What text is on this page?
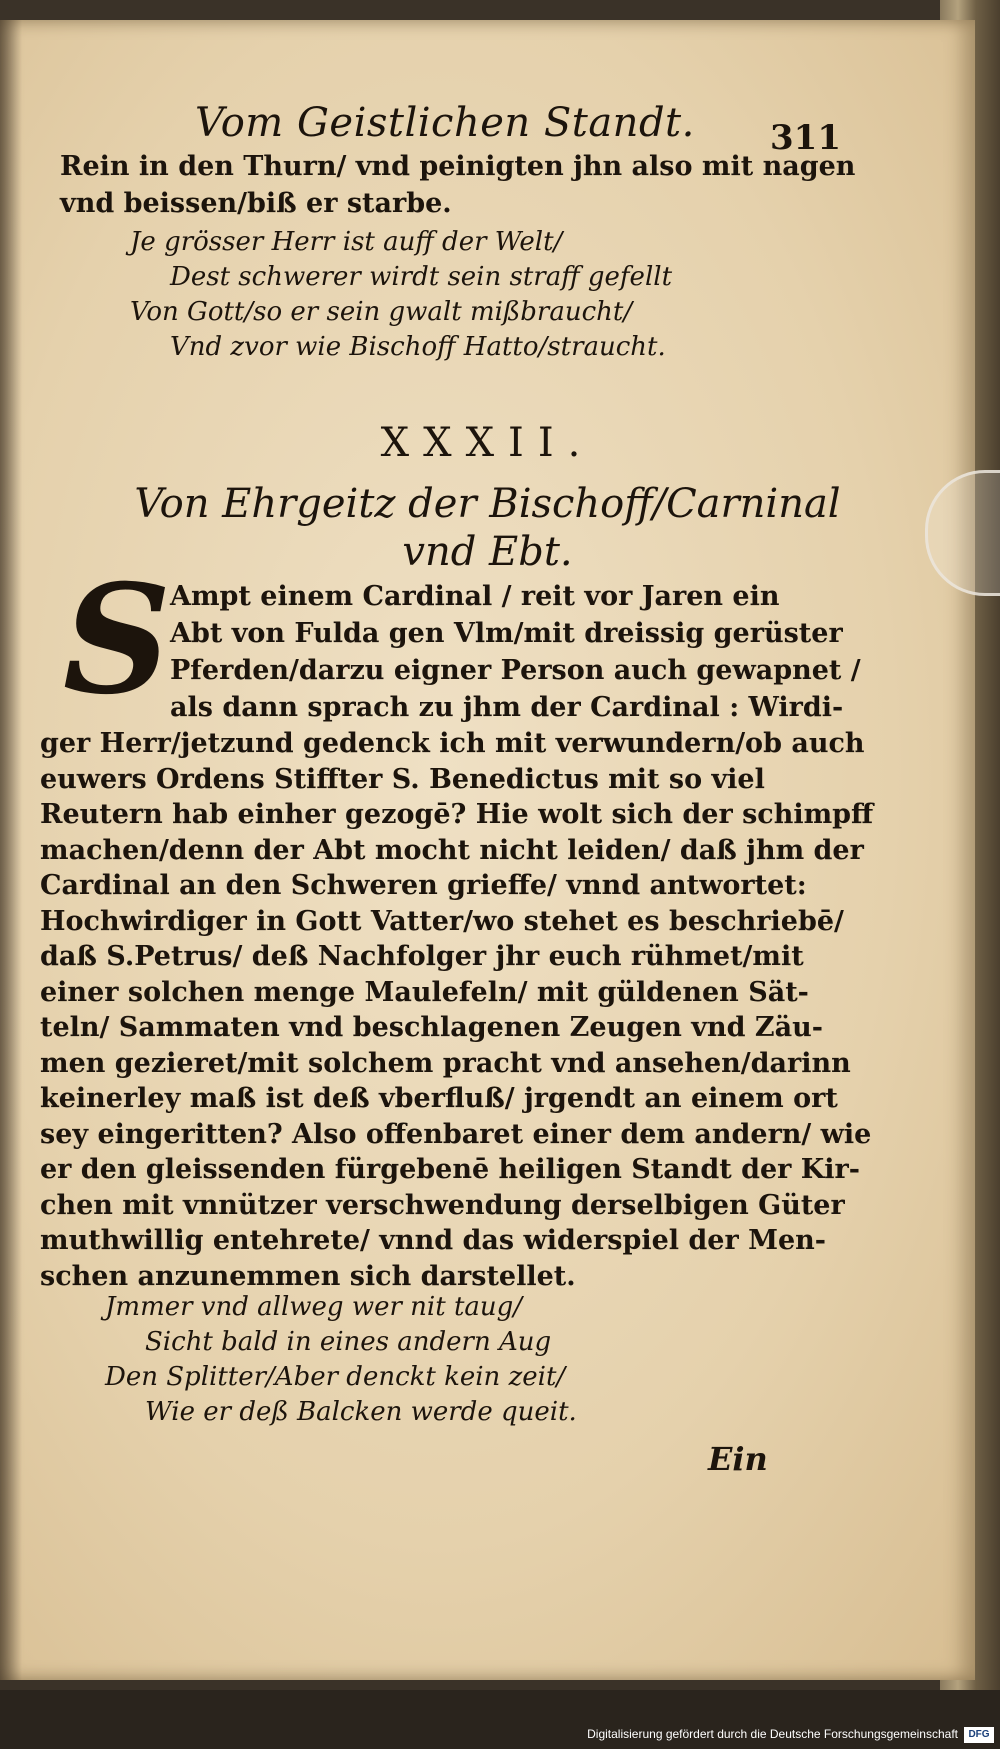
Vom Geistlichen Standt. 311
Rein in den Thurn/ vnd peinigten jhn also mit nagen
vnd beissen/biß er starbe.
Je grösser Herr ist auff der Welt/
Dest schwerer wirdt sein straff gefellt
Von Gott/so er sein gwalt mißbraucht/
Vnd zvor wie Bischoff Hatto/straucht.
XXXII.
Von Ehrgeitz der Bischoff/Carninal
vnd Ebt.
S
Ampt einem Cardinal / reit vor Jaren ein
Abt von Fulda gen Vlm/mit dreissig gerüster
Pferden/darzu eigner Person auch gewapnet /
als dann sprach zu jhm der Cardinal : Wirdi-
ger Herr/jetzund gedenck ich mit verwundern/ob auch
euwers Ordens Stiffter S. Benedictus mit so viel
Reutern hab einher gezogē? Hie wolt sich der schimpff
machen/denn der Abt mocht nicht leiden/ daß jhm der
Cardinal an den Schweren grieffe/ vnnd antwortet:
Hochwirdiger in Gott Vatter/wo stehet es beschriebē/
daß S.Petrus/ deß Nachfolger jhr euch rühmet/mit
einer solchen menge Maulefeln/ mit güldenen Sät-
teln/ Sammaten vnd beschlagenen Zeugen vnd Zäu-
men gezieret/mit solchem pracht vnd ansehen/darinn
keinerley maß ist deß vberfluß/ jrgendt an einem ort
sey eingeritten? Also offenbaret einer dem andern/ wie
er den gleissenden fürgebenē heiligen Standt der Kir-
chen mit vnnützer verschwendung derselbigen Güter
muthwillig entehrete/ vnnd das widerspiel der Men-
schen anzunemmen sich darstellet.
Jmmer vnd allweg wer nit taug/
Sicht bald in eines andern Aug
Den Splitter/Aber denckt kein zeit/
Wie er deß Balcken werde queit.
Ein
Digitalisierung gefördert durch die Deutsche Forschungsgemeinschaft	DFG
